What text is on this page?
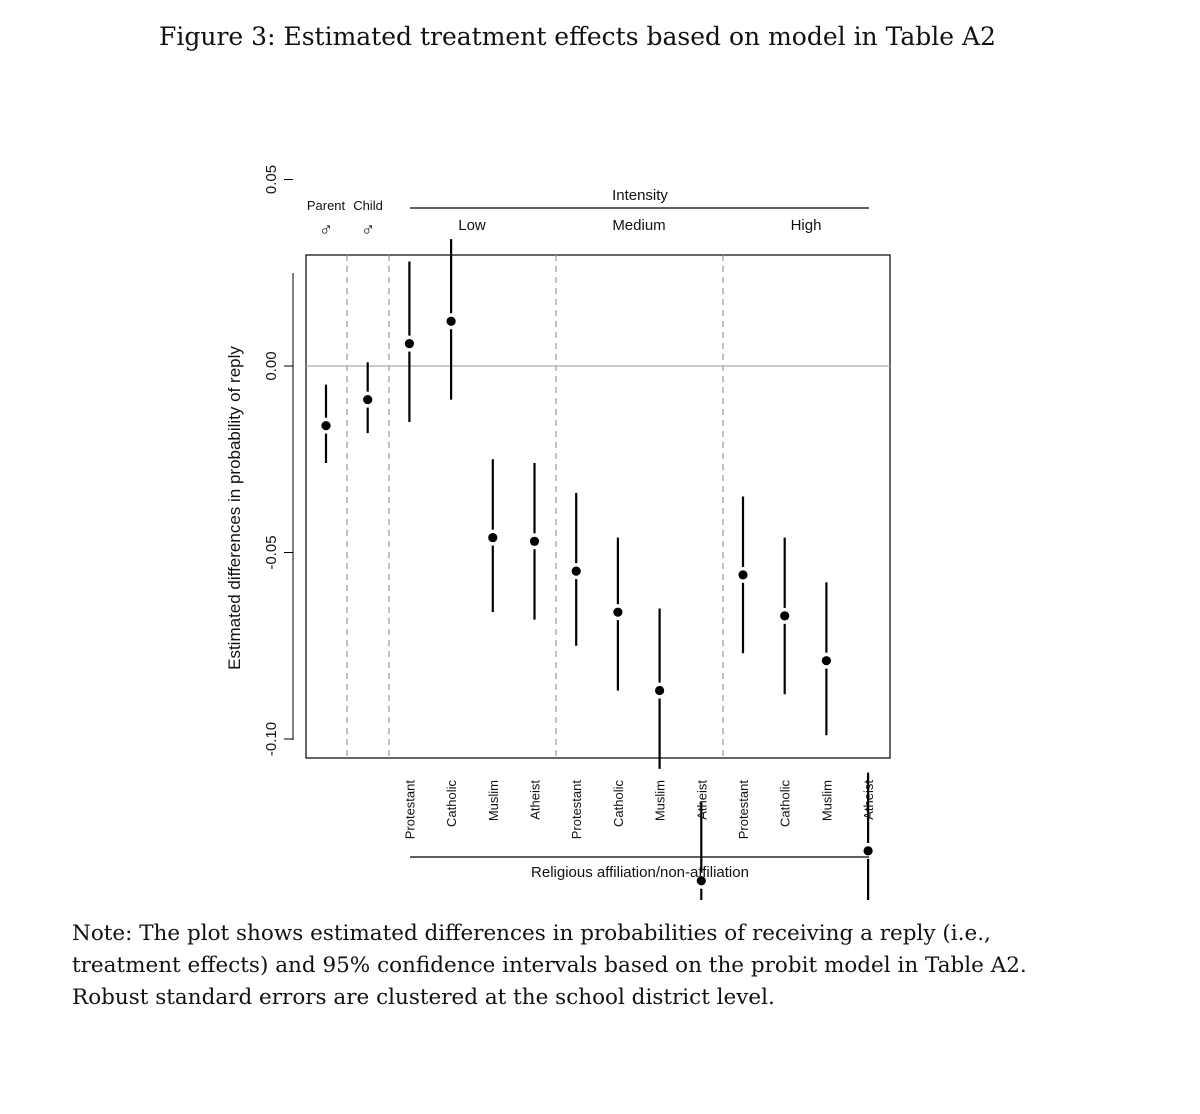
Figure 3: Estimated treatment effects based on model in Table A2
0.05
0.00
-0.05
-0.10
Estimated differences in probability of reply
Parent Child
♂ ♂
Intensity
Low	Medium	High
Protestant Catholic Muslim Atheist Protestant Catholic Muslim Atheist Protestant Catholic Muslim Atheist
Religious affiliation/non-affiliation
Note: The plot shows estimated differences in probabilities of receiving a reply (i.e., treatment effects) and 95% confidence intervals based on the probit model in Table A2. Robust standard errors are clustered at the school district level.
